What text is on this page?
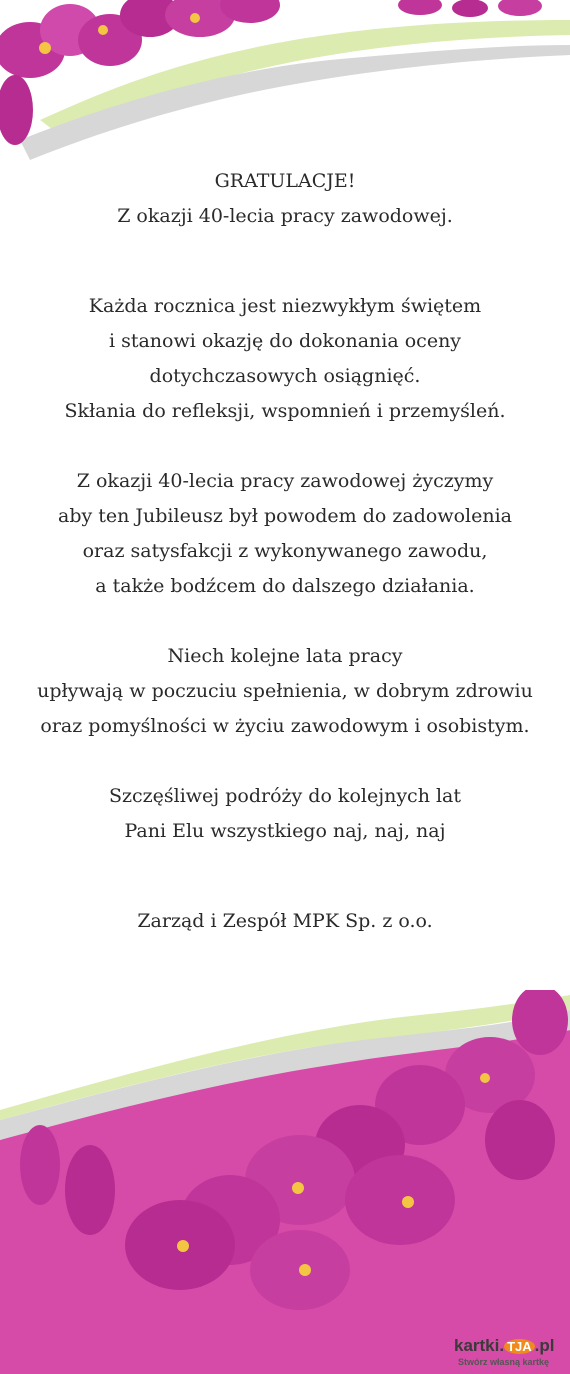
GRATULACJE!
Z okazji 40-lecia pracy zawodowej.
Każda rocznica jest niezwykłym świętem
i stanowi okazję do dokonania oceny
dotychczasowych osiągnięć.
Skłania do refleksji, wspomnień i przemyśleń.
Z okazji 40-lecia pracy zawodowej życzymy
aby ten Jubileusz był powodem do zadowolenia
oraz satysfakcji z wykonywanego zawodu,
a także bodźcem do dalszego działania.
Niech kolejne lata pracy
upływają w poczuciu spełnienia, w dobrym zdrowiu
oraz pomyślności w życiu zawodowym i osobistym.
Szczęśliwej podróży do kolejnych lat
Pani Elu wszystkiego naj, naj, naj
Zarząd i Zespół MPK Sp. z o.o.
kartki. TJA .pl
Stwórz własną kartkę
